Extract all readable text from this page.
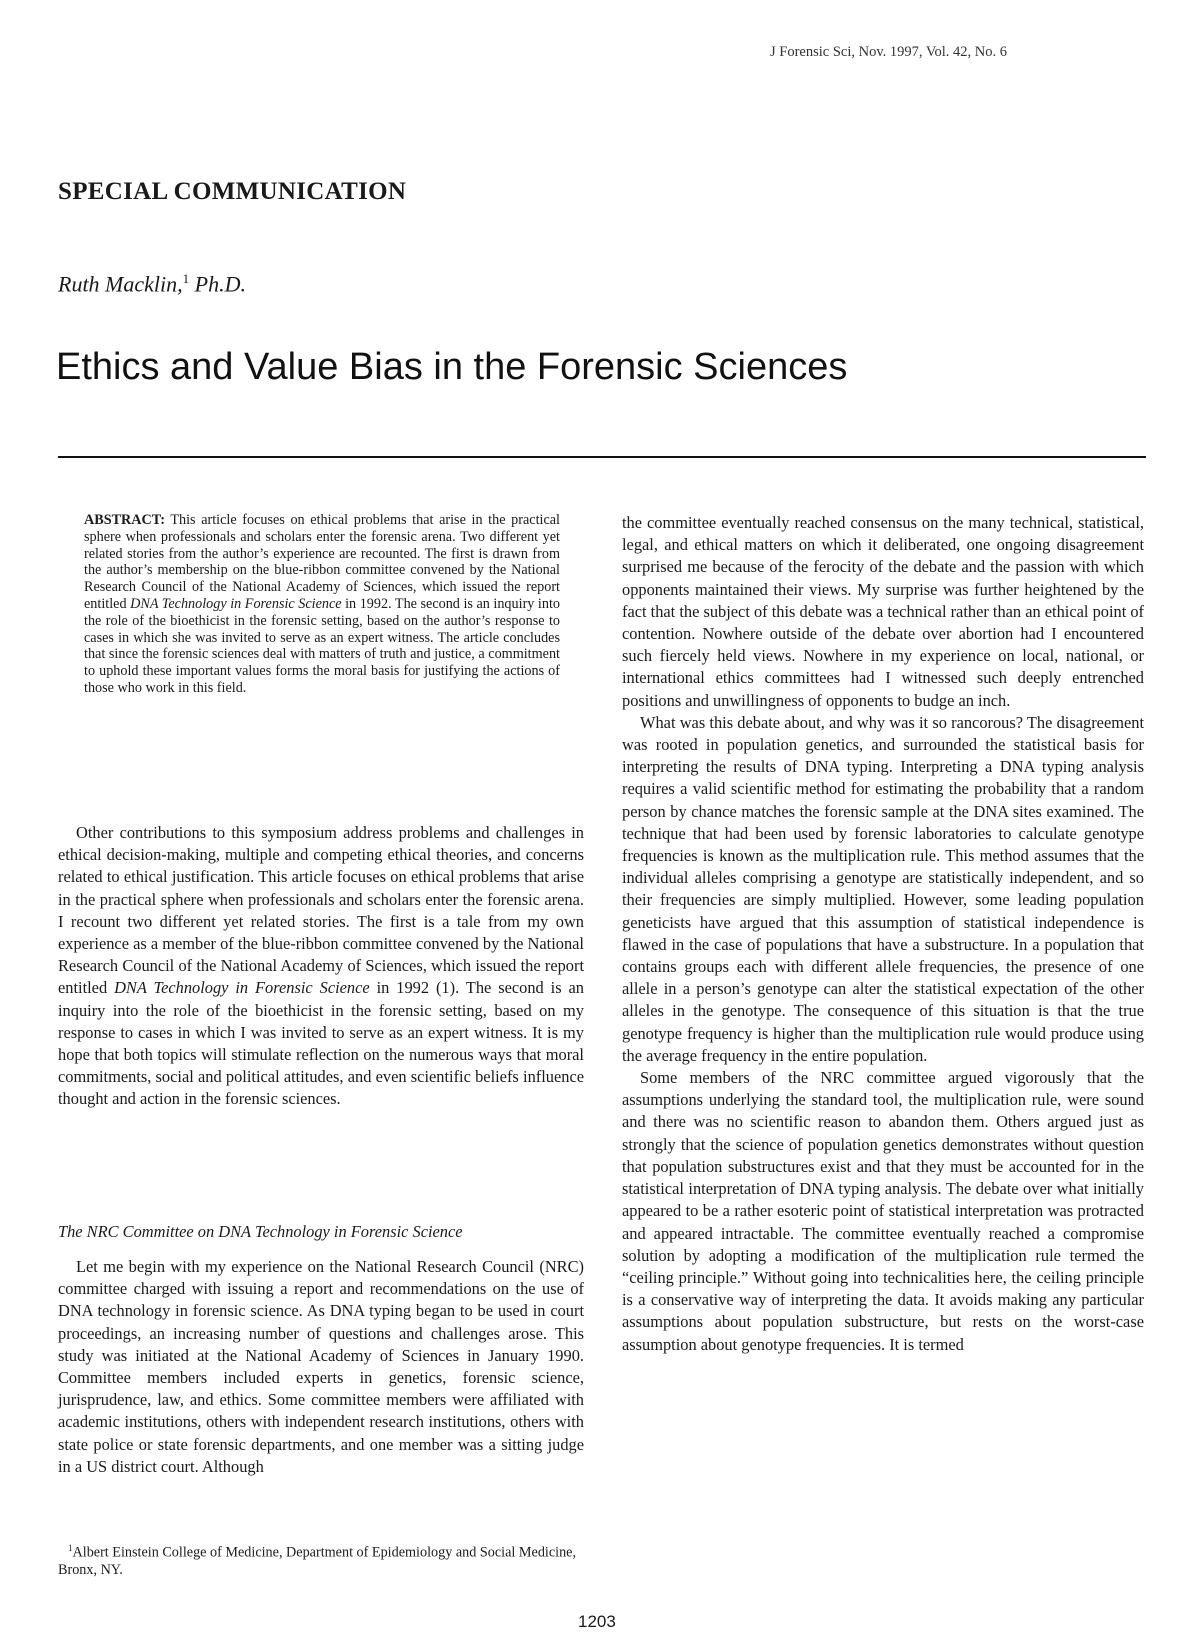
J Forensic Sci, Nov. 1997, Vol. 42, No. 6
SPECIAL COMMUNICATION
Ruth Macklin,$^1$ Ph.D.
Ethics and Value Bias in the Forensic Sciences

ABSTRACT: This article focuses on ethical problems that arise in the practical sphere when professionals and scholars enter the forensic arena. Two different yet related stories from the author’s experience are recounted. The first is drawn from the author’s membership on the blue-ribbon committee convened by the National Research Council of the National Academy of Sciences, which issued the report entitled DNA Technology in Forensic Science in 1992. The second is an inquiry into the role of the bioethicist in the forensic setting, based on the author’s response to cases in which she was invited to serve as an expert witness. The article concludes that since the forensic sciences deal with matters of truth and justice, a commitment to uphold these important values forms the moral basis for justifying the actions of those who work in this field.

Other contributions to this symposium address problems and challenges in ethical decision-making, multiple and competing ethical theories, and concerns related to ethical justification. This article focuses on ethical problems that arise in the practical sphere when professionals and scholars enter the forensic arena. I recount two different yet related stories. The first is a tale from my own experience as a member of the blue-ribbon committee convened by the National Research Council of the National Academy of Sciences, which issued the report entitled DNA Technology in Forensic Science in 1992 (1). The second is an inquiry into the role of the bioethicist in the forensic setting, based on my response to cases in which I was invited to serve as an expert witness. It is my hope that both topics will stimulate reflection on the numerous ways that moral commitments, social and political attitudes, and even scientific beliefs influence thought and action in the forensic sciences.

The NRC Committee on DNA Technology in Forensic Science

Let me begin with my experience on the National Research Council (NRC) committee charged with issuing a report and recommendations on the use of DNA technology in forensic science. As DNA typing began to be used in court proceedings, an increasing number of questions and challenges arose. This study was initiated at the National Academy of Sciences in January 1990. Committee members included experts in genetics, forensic science, jurisprudence, law, and ethics. Some committee members were affiliated with academic institutions, others with independent research institutions, others with state police or state forensic departments, and one member was a sitting judge in a US district court. Although

the committee eventually reached consensus on the many technical, statistical, legal, and ethical matters on which it deliberated, one ongoing disagreement surprised me because of the ferocity of the debate and the passion with which opponents maintained their views. My surprise was further heightened by the fact that the subject of this debate was a technical rather than an ethical point of contention. Nowhere outside of the debate over abortion had I encountered such fiercely held views. Nowhere in my experience on local, national, or international ethics committees had I witnessed such deeply entrenched positions and unwillingness of opponents to budge an inch.

What was this debate about, and why was it so rancorous? The disagreement was rooted in population genetics, and surrounded the statistical basis for interpreting the results of DNA typing. Interpreting a DNA typing analysis requires a valid scientific method for estimating the probability that a random person by chance matches the forensic sample at the DNA sites examined. The technique that had been used by forensic laboratories to calculate genotype frequencies is known as the multiplication rule. This method assumes that the individual alleles comprising a genotype are statistically independent, and so their frequencies are simply multiplied. However, some leading population geneticists have argued that this assumption of statistical independence is flawed in the case of populations that have a substructure. In a population that contains groups each with different allele frequencies, the presence of one allele in a person’s genotype can alter the statistical expectation of the other alleles in the genotype. The consequence of this situation is that the true genotype frequency is higher than the multiplication rule would produce using the average frequency in the entire population.

Some members of the NRC committee argued vigorously that the assumptions underlying the standard tool, the multiplication rule, were sound and there was no scientific reason to abandon them. Others argued just as strongly that the science of population genetics demonstrates without question that population substructures exist and that they must be accounted for in the statistical interpretation of DNA typing analysis. The debate over what initially appeared to be a rather esoteric point of statistical interpretation was protracted and appeared intractable. The committee eventually reached a compromise solution by adopting a modification of the multiplication rule termed the “ceiling principle.” Without going into technicalities here, the ceiling principle is a conservative way of interpreting the data. It avoids making any particular assumptions about population substructure, but rests on the worst-case assumption about genotype frequencies. It is termed

$^1$Albert Einstein College of Medicine, Department of Epidemiology and Social Medicine, Bronx, NY.

1203
